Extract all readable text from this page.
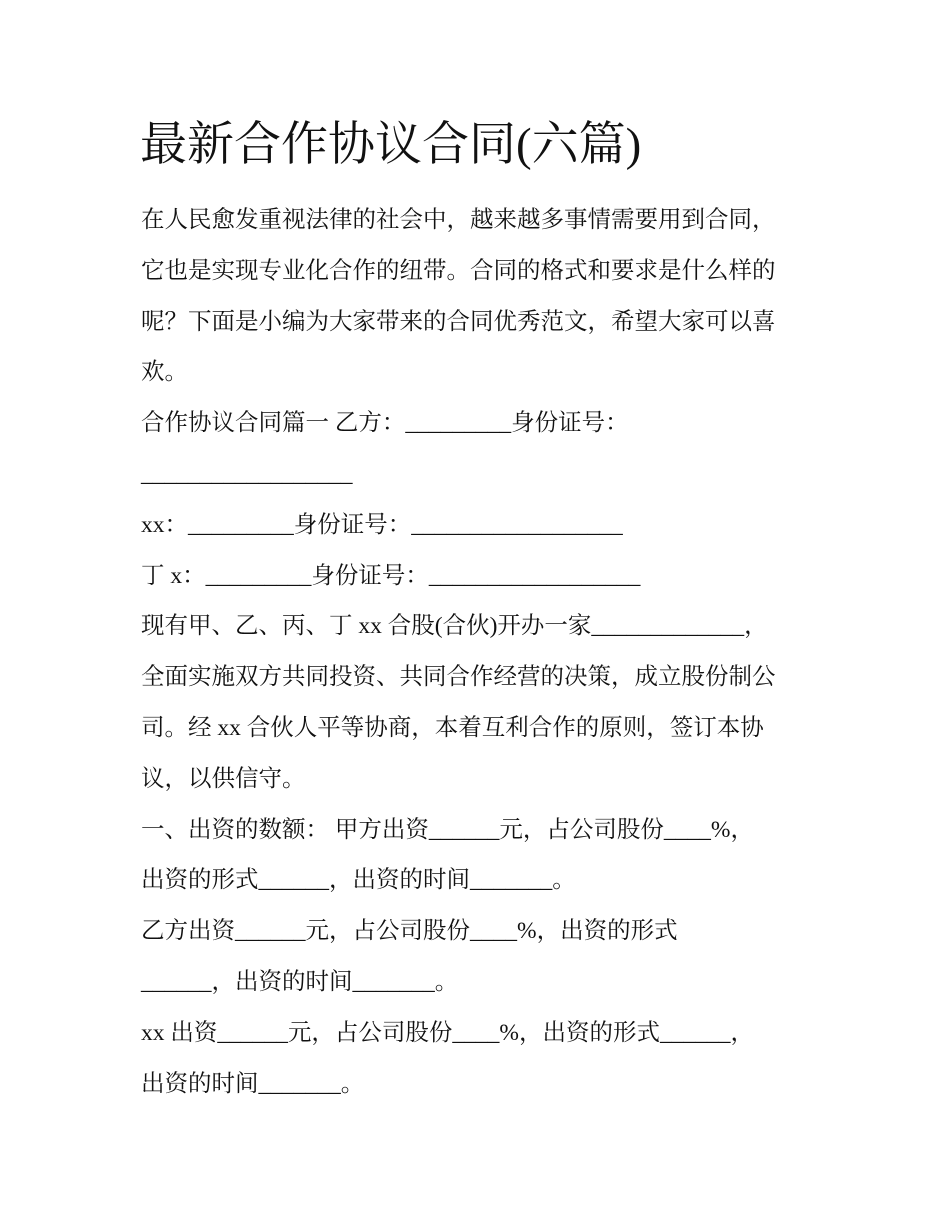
最新合作协议合同(六篇)
在人民愈发重视法律的社会中，越来越多事情需要用到合同，
它也是实现专业化合作的纽带。合同的格式和要求是什么样的
呢？下面是小编为大家带来的合同优秀范文，希望大家可以喜
欢。
合作协议合同篇一 乙方：_________身份证号：
__________________
xx：_________身份证号：__________________
丁 x：_________身份证号：__________________
现有甲、乙、丙、丁 xx 合股(合伙)开办一家_____________，
全面实施双方共同投资、共同合作经营的决策，成立股份制公
司。经 xx 合伙人平等协商，本着互利合作的原则，签订本协
议，以供信守。
一、出资的数额： 甲方出资______元，占公司股份____%，
出资的形式______，出资的时间_______。
乙方出资______元，占公司股份____%，出资的形式
______，出资的时间_______。
xx 出资______元，占公司股份____%，出资的形式______，
出资的时间_______。
